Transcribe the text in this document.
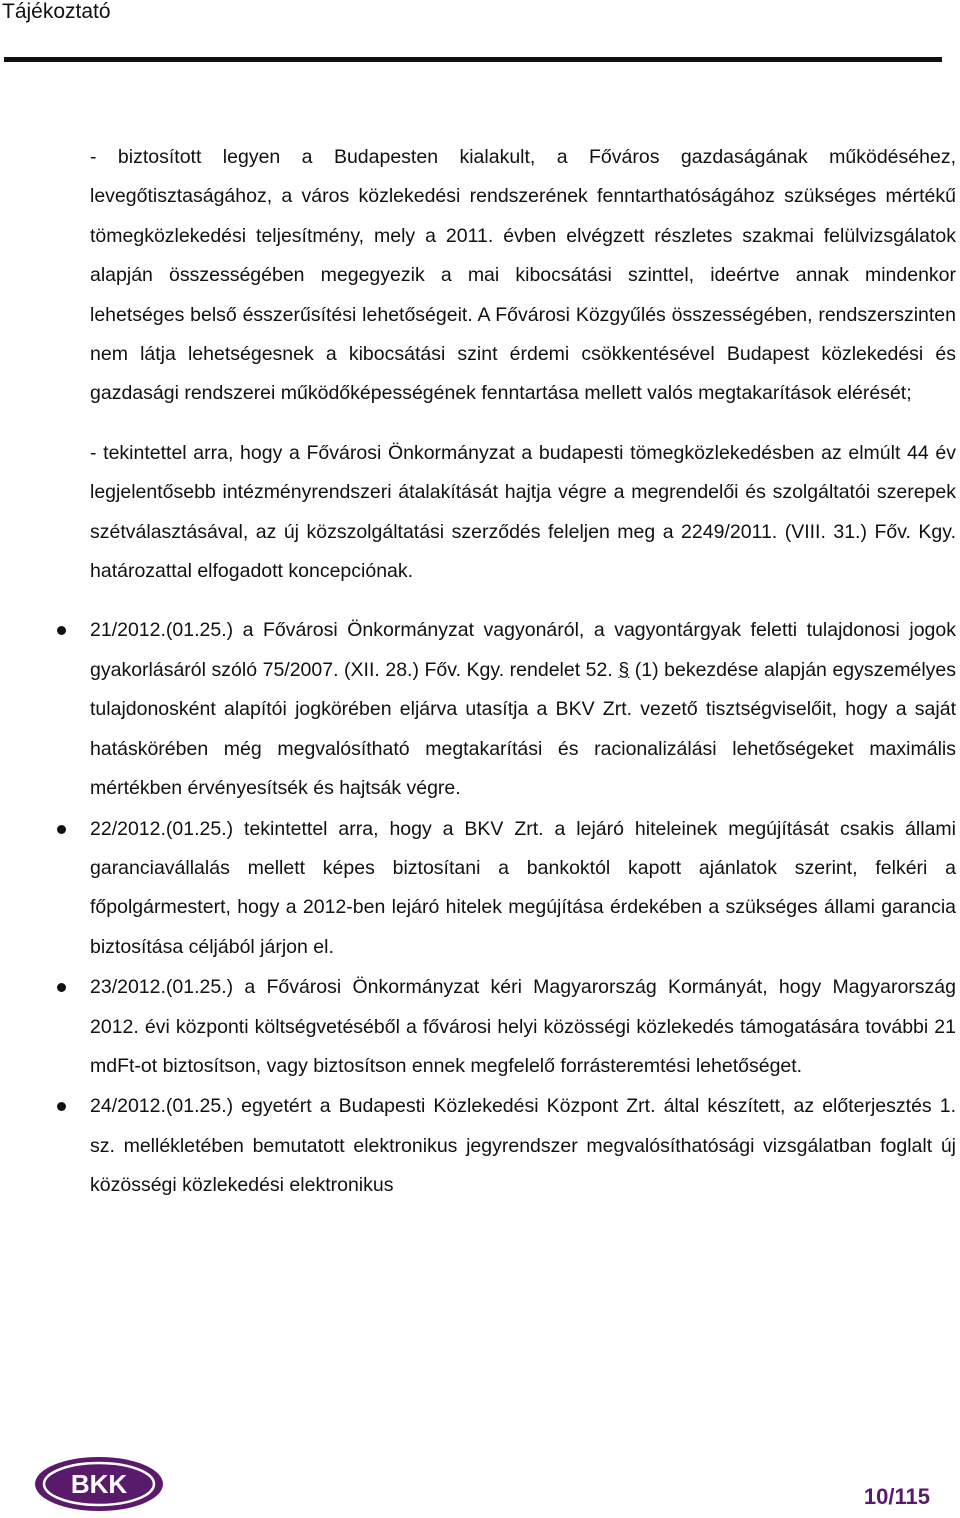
Tájékoztató

- biztosított legyen a Budapesten kialakult, a Főváros gazdaságának működéséhez, levegőtisztaságához, a város közlekedési rendszerének fenntarthatóságához szükséges mértékű tömegközlekedési teljesítmény, mely a 2011. évben elvégzett részletes szakmai felülvizsgálatok alapján összességében megegyezik a mai kibocsátási szinttel, ideértve annak mindenkor lehetséges belső ésszerűsítési lehetőségeit. A Fővárosi Közgyűlés összességében, rendszerszinten nem látja lehetségesnek a kibocsátási szint érdemi csökkentésével Budapest közlekedési és gazdasági rendszerei működőképességének fenntartása mellett valós megtakarítások elérését;

- tekintettel arra, hogy a Fővárosi Önkormányzat a budapesti tömegközlekedésben az elmúlt 44 év legjelentősebb intézményrendszeri átalakítását hajtja végre a megrendelői és szolgáltatói szerepek szétválasztásával, az új közszolgáltatási szerződés feleljen meg a 2249/2011. (VIII. 31.) Főv. Kgy. határozattal elfogadott koncepciónak.

21/2012.(01.25.) a Fővárosi Önkormányzat vagyonáról, a vagyontárgyak feletti tulajdonosi jogok gyakorlásáról szóló 75/2007. (XII. 28.) Főv. Kgy. rendelet 52. § (1) bekezdése alapján egyszemélyes tulajdonosként alapítói jogkörében eljárva utasítja a BKV Zrt. vezető tisztségviselőit, hogy a saját hatáskörében még megvalósítható megtakarítási és racionalizálási lehetőségeket maximális mértékben érvényesítsék és hajtsák végre.
22/2012.(01.25.) tekintettel arra, hogy a BKV Zrt. a lejáró hiteleinek megújítását csakis állami garanciavállalás mellett képes biztosítani a bankoktól kapott ajánlatok szerint, felkéri a főpolgármestert, hogy a 2012-ben lejáró hitelek megújítása érdekében a szükséges állami garancia biztosítása céljából járjon el.
23/2012.(01.25.) a Fővárosi Önkormányzat kéri Magyarország Kormányát, hogy Magyarország 2012. évi központi költségvetéséből a fővárosi helyi közösségi közlekedés támogatására további 21 mdFt-ot biztosítson, vagy biztosítson ennek megfelelő forrásteremtési lehetőséget.
24/2012.(01.25.) egyetért a Budapesti Közlekedési Központ Zrt. által készített, az előterjesztés 1. sz. mellékletében bemutatott elektronikus jegyrendszer megvalósíthatósági vizsgálatban foglalt új közösségi közlekedési elektronikus
BKK	10/115
